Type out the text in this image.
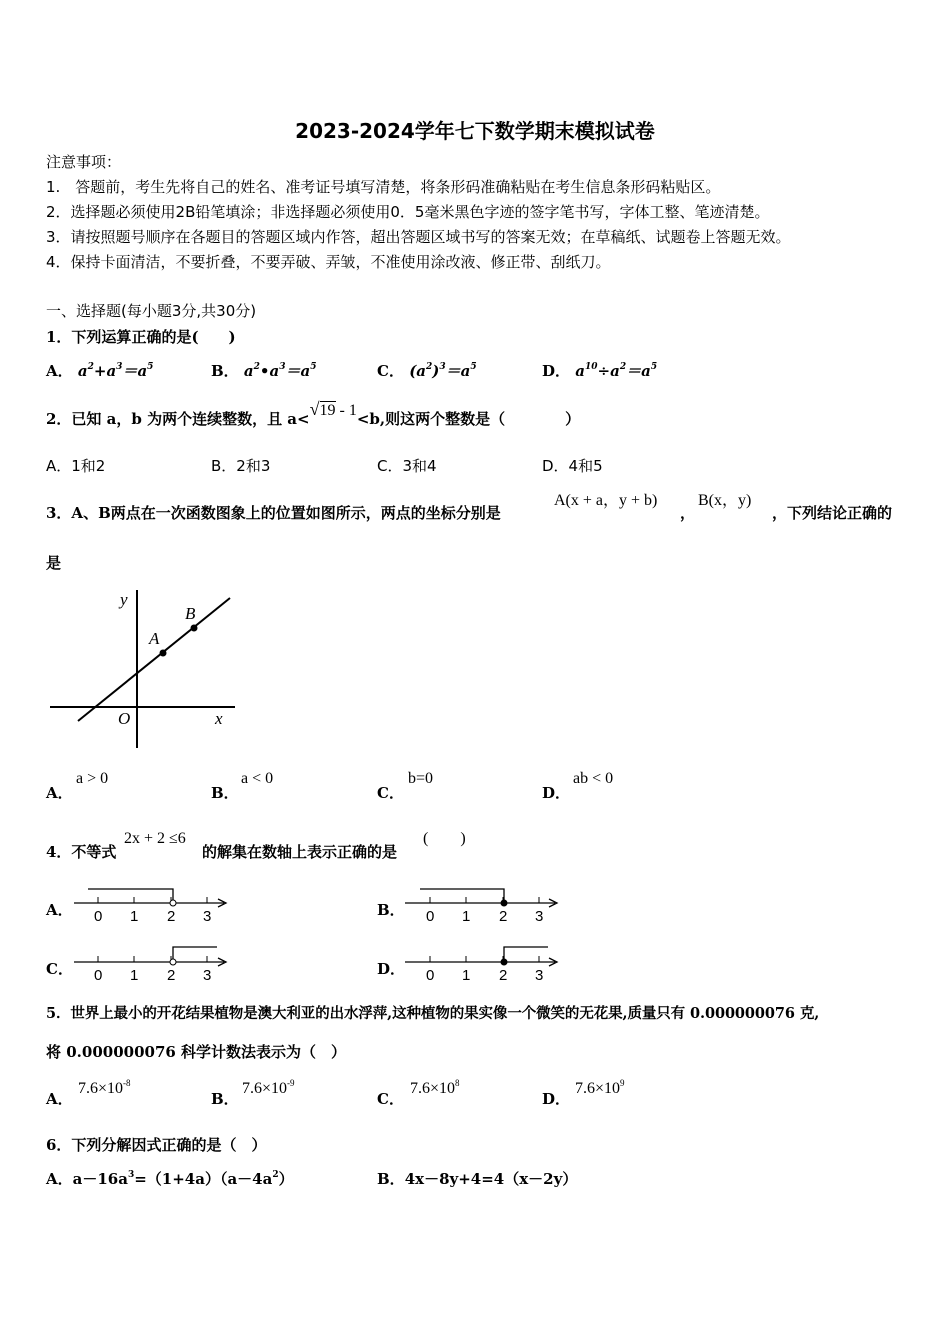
2023-2024学年七下数学期末模拟试卷
注意事项：
1.　答题前，考生先将自己的姓名、准考证号填写清楚，将条形码准确粘贴在考生信息条形码粘贴区。
2．选择题必须使用2B铅笔填涂；非选择题必须使用0．5毫米黑色字迹的签字笔书写，字体工整、笔迹清楚。
3．请按照题号顺序在各题目的答题区域内作答，超出答题区域书写的答案无效；在草稿纸、试题卷上答题无效。
4．保持卡面清洁，不要折叠，不要弄破、弄皱，不准使用涂改液、修正带、刮纸刀。
一、选择题(每小题3分,共30分)
1．下列运算正确的是(　　)
A． $a^2+a^3=a^5$	B． $a^2•a^3=a^5$	C． $(a^2)^3=a^5$	D． $a^{10}\div a^2=a^5$
2．已知 a，b 为两个连续整数，且 a<√19 - 1<b,则这两个整数是（　　　　）
A．1和2	B．2和3	C．3和4	D．4和5
3．A、B两点在一次函数图象上的位置如图所示，两点的坐标分别是
A(x + a，y + b)
，
B(x，y)
，下列结论正确的
是
y
x
O
A
B
A．
a > 0
B．
a < 0
C．
b=0
D．
ab < 0
4．不等式
2x + 2 ≤6
的解集在数轴上表示正确的是
(　　)
A． 0 1 2 3	B． 0 1 2 3
C． 0 1 2 3	D． 0 1 2 3
5．世界上最小的开花结果植物是澳大利亚的出水浮萍,这种植物的果实像一个微笑的无花果,质量只有 0.000000076 克,
将 0.000000076 科学计数法表示为（　）
A．
$7.6\times 10^{-8}$
B．
$7.6\times 10^{-9}$
C．
$7.6\times 10^8$
D．
$7.6\times 10^9$
6．下列分解因式正确的是（　）
A．$a-16a^3=(1+4a)(a-4a^2)$	B．4x－8y+4=4（x－2y）
